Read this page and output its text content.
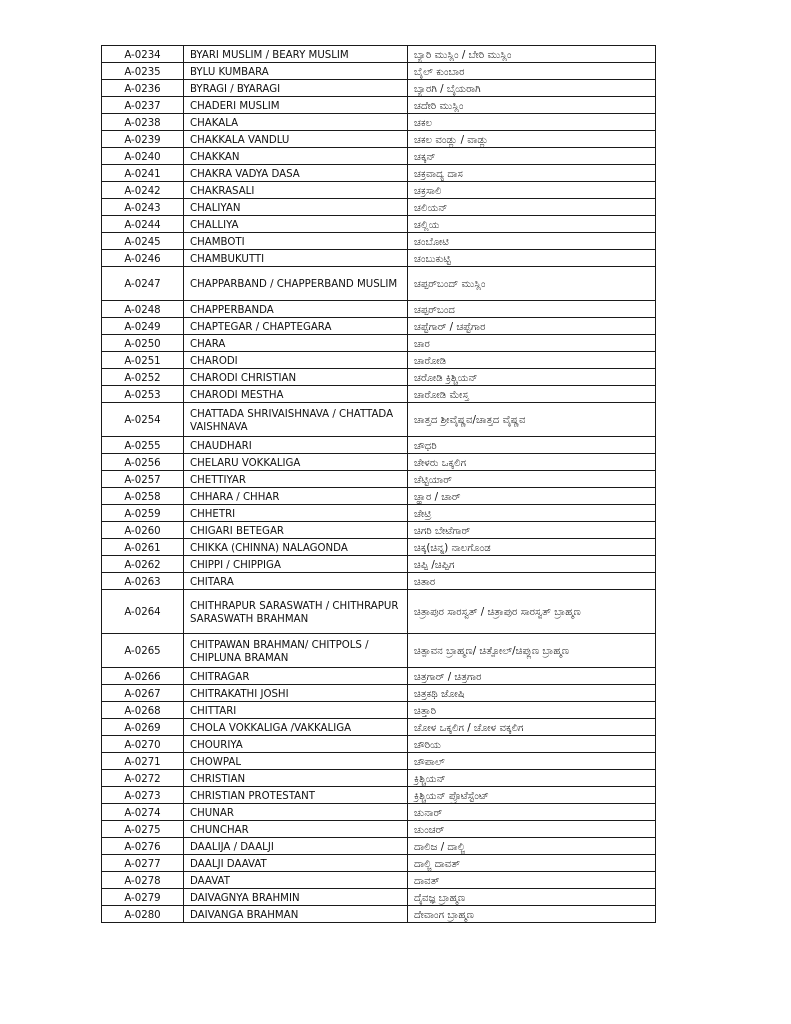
A-0234	BYARI MUSLIM / BEARY MUSLIM	ಬ್ಯಾರಿ ಮುಸ್ಲಿಂ / ಬೇರಿ ಮುಸ್ಲಿಂ
A-0235	BYLU KUMBARA	ಬೈಲ್ ಕುಂಬಾರ
A-0236	BYRAGI / BYARAGI	ಬ್ಯಾರಗಿ / ಬೈಯರಾಗಿ
A-0237	CHADERI MUSLIM	ಚದೇರಿ ಮುಸ್ಲಿಂ
A-0238	CHAKALA	ಚಕಲ
A-0239	CHAKKALA VANDLU	ಚಕಲ ವಂಡ್ಲು / ವಾಡ್ಲು
A-0240	CHAKKAN	ಚಕ್ಕನ್
A-0241	CHAKRA VADYA DASA	ಚಕ್ರವಾದ್ಯ ದಾಸ
A-0242	CHAKRASALI	ಚಕ್ರಸಾಲಿ
A-0243	CHALIYAN	ಚಲಿಯನ್
A-0244	CHALLIYA	ಚಲ್ಲಿಯ
A-0245	CHAMBOTI	ಚಂಬೋಟಿ
A-0246	CHAMBUKUTTI	ಚಂಬುಕುಟ್ಟಿ
A-0247	CHAPPARBAND / CHAPPERBAND MUSLIM	ಚಪ್ಪರ್‌ಬಂದ್ ಮುಸ್ಲಿಂ
A-0248	CHAPPERBANDA	ಚಪ್ಪರ್‌ಬಂದ
A-0249	CHAPTEGAR / CHAPTEGARA	ಚಪ್ಟೆಗಾರ್ / ಚಪ್ಟೆಗಾರ
A-0250	CHARA	ಚಾರ
A-0251	CHARODI	ಚಾರೋಡಿ
A-0252	CHARODI CHRISTIAN	ಚರೋಡಿ ಕ್ರಿಶ್ಚಿಯನ್
A-0253	CHARODI MESTHA	ಚಾರೋಡಿ ಮೇಸ್ತ
A-0254	CHATTADA SHRIVAISHNAVA / CHATTADA VAISHNAVA	ಚಾತ್ತದ ಶ್ರೀವೈಷ್ಣವ/ಚಾತ್ತದ ವೈಷ್ಣವ
A-0255	CHAUDHARI	ಚೌಧರಿ
A-0256	CHELARU VOKKALIGA	ಚೇಳರು ಒಕ್ಕಲಿಗ
A-0257	CHETTIYAR	ಚೆಟ್ಟಿಯಾರ್
A-0258	CHHARA / CHHAR	ಚ್ಹಾರ / ಚಾರ್
A-0259	CHHETRI	ಚೇಟ್ರಿ
A-0260	CHIGARI BETEGAR	ಚಿಗರಿ ಬೇಟೆಗಾರ್
A-0261	CHIKKA (CHINNA) NALAGONDA	ಚಿಕ್ಕ(ಚಿನ್ನ) ನಾಲಗೊಂಡ
A-0262	CHIPPI / CHIPPIGA	ಚಿಪ್ಪಿ /ಚಿಪ್ಪಿಗ
A-0263	CHITARA	ಚಿತಾರ
A-0264	CHITHRAPUR SARASWATH / CHITHRAPUR SARASWATH BRAHMAN	ಚಿತ್ರಾಪುರ ಸಾರಸ್ವತ್ / ಚಿತ್ರಾಪುರ ಸಾರಸ್ವತ್ ಬ್ರಾಹ್ಮಣ
A-0265	CHITPAWAN BRAHMAN/ CHITPOLS / CHIPLUNA BRAMAN	ಚಿತ್ಪಾವನ ಬ್ರಾಹ್ಮಣ/ ಚಿತ್ಪೋಲ್/ಚಿಪ್ಲುಣ ಬ್ರಾಹ್ಮಣ
A-0266	CHITRAGAR	ಚಿತ್ರಗಾರ್ / ಚಿತ್ರಗಾರ
A-0267	CHITRAKATHI JOSHI	ಚಿತ್ರಕಥಿ ಜೋಷಿ
A-0268	CHITTARI	ಚಿತ್ತಾರಿ
A-0269	CHOLA VOKKALIGA /VAKKALIGA	ಚೋಳ ಒಕ್ಕಲಿಗ / ಚೋಳ ವಕ್ಕಲಿಗ
A-0270	CHOURIYA	ಚೌರಿಯ
A-0271	CHOWPAL	ಚೌಪಾಲ್
A-0272	CHRISTIAN	ಕ್ರಿಶ್ಚಿಯನ್
A-0273	CHRISTIAN PROTESTANT	ಕ್ರಿಶ್ಚಿಯನ್ ಪ್ರೊಟೆಸ್ಟೆಂಟ್
A-0274	CHUNAR	ಚುನಾರ್
A-0275	CHUNCHAR	ಚುಂಚರ್
A-0276	DAALIJA / DAALJI	ದಾಲಿಜ / ದಾಲ್ಜಿ
A-0277	DAALJI DAAVAT	ದಾಲ್ಜಿ ದಾವತ್
A-0278	DAAVAT	ದಾವತ್
A-0279	DAIVAGNYA BRAHMIN	ದೈವಜ್ಞ ಬ್ರಾಹ್ಮಣ
A-0280	DAIVANGA BRAHMAN	ದೇವಾಂಗ ಬ್ರಾಹ್ಮಣ
